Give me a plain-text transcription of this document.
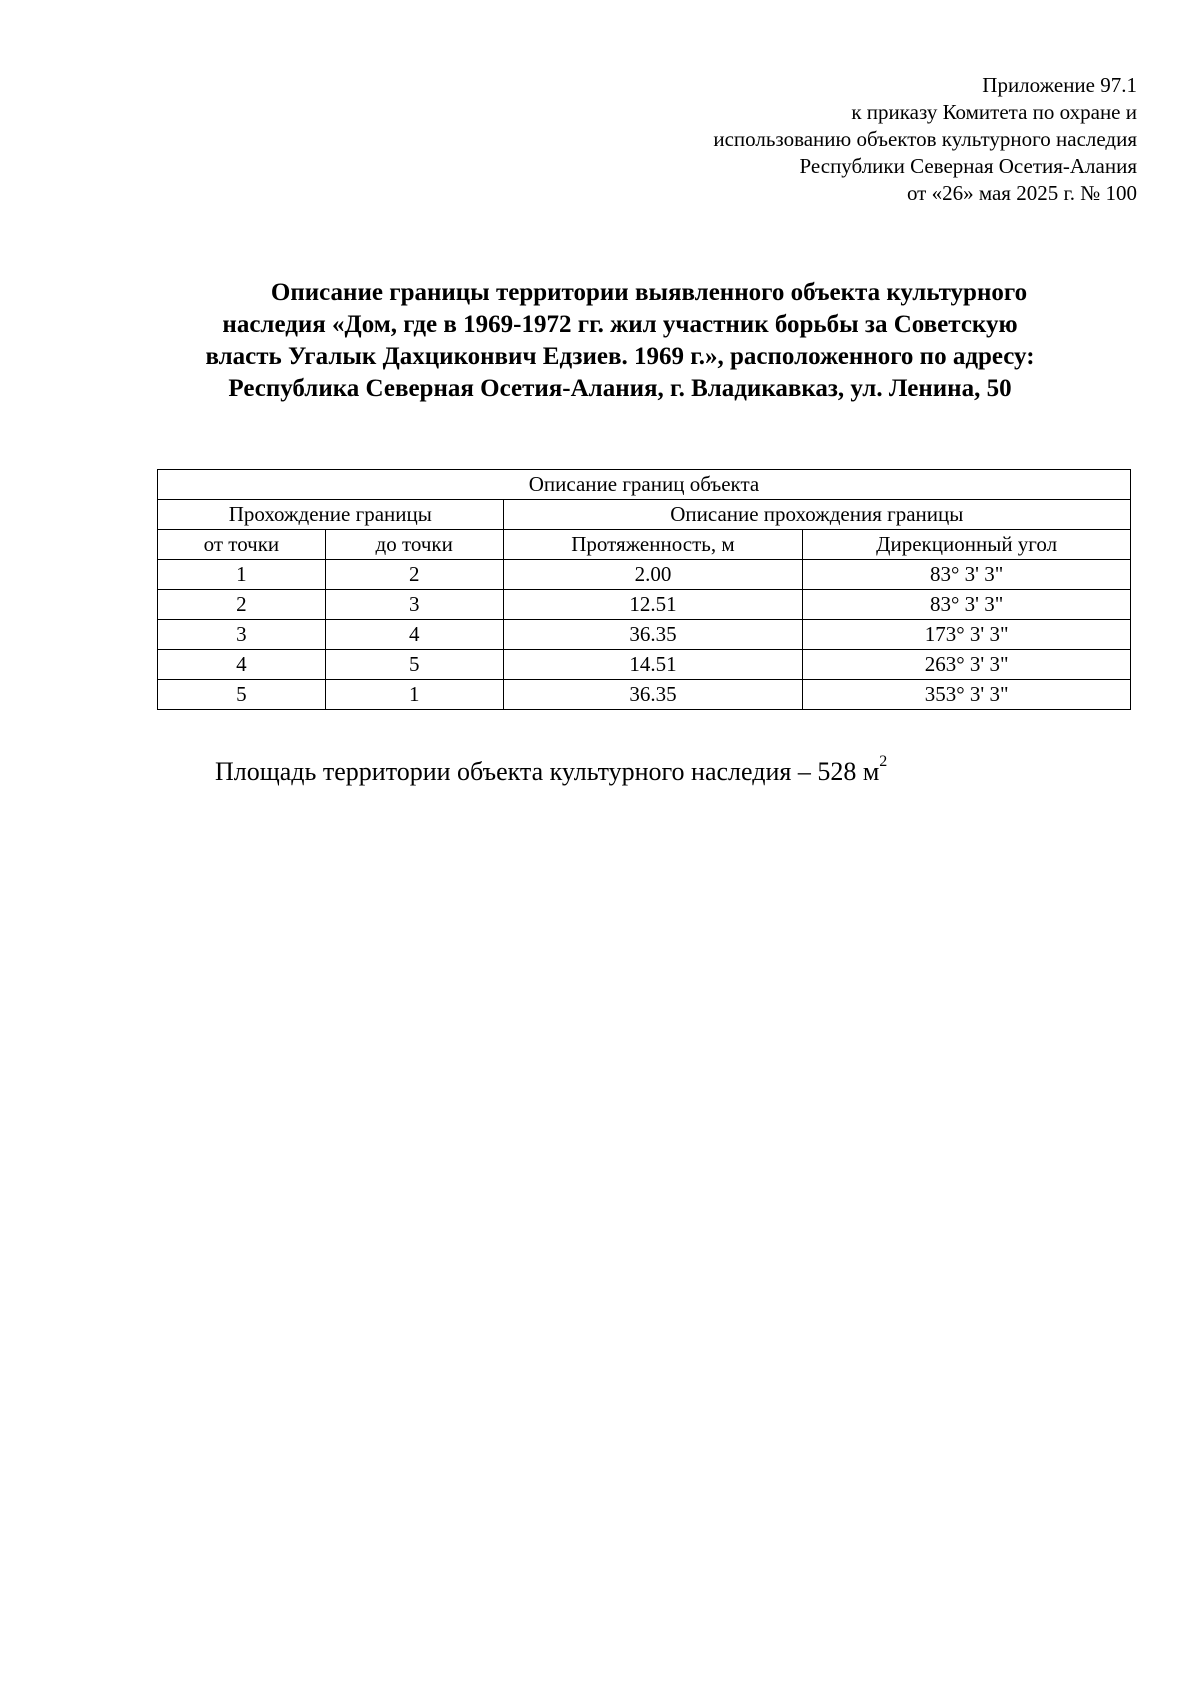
Приложение 97.1
к приказу Комитета по охране и
использованию объектов культурного наследия
Республики Северная Осетия-Алания
от «26» мая 2025 г. № 100
Описание границы территории выявленного объекта культурного
наследия «Дом, где в 1969-1972 гг. жил участник борьбы за Советскую
власть Угалык Дахциконвич Едзиев. 1969 г.», расположенного по адресу:
Республика Северная Осетия-Алания, г. Владикавказ, ул. Ленина, 50
Описание границ объекта			
Прохождение границы		Описание прохождения границы	
от точки	до точки	Протяженность, м	Дирекционный угол
1	2	2.00	83° 3' 3"
2	3	12.51	83° 3' 3"
3	4	36.35	173° 3' 3"
4	5	14.51	263° 3' 3"
5	1	36.35	353° 3' 3"
Площадь территории объекта культурного наследия – 528 $м^2$
